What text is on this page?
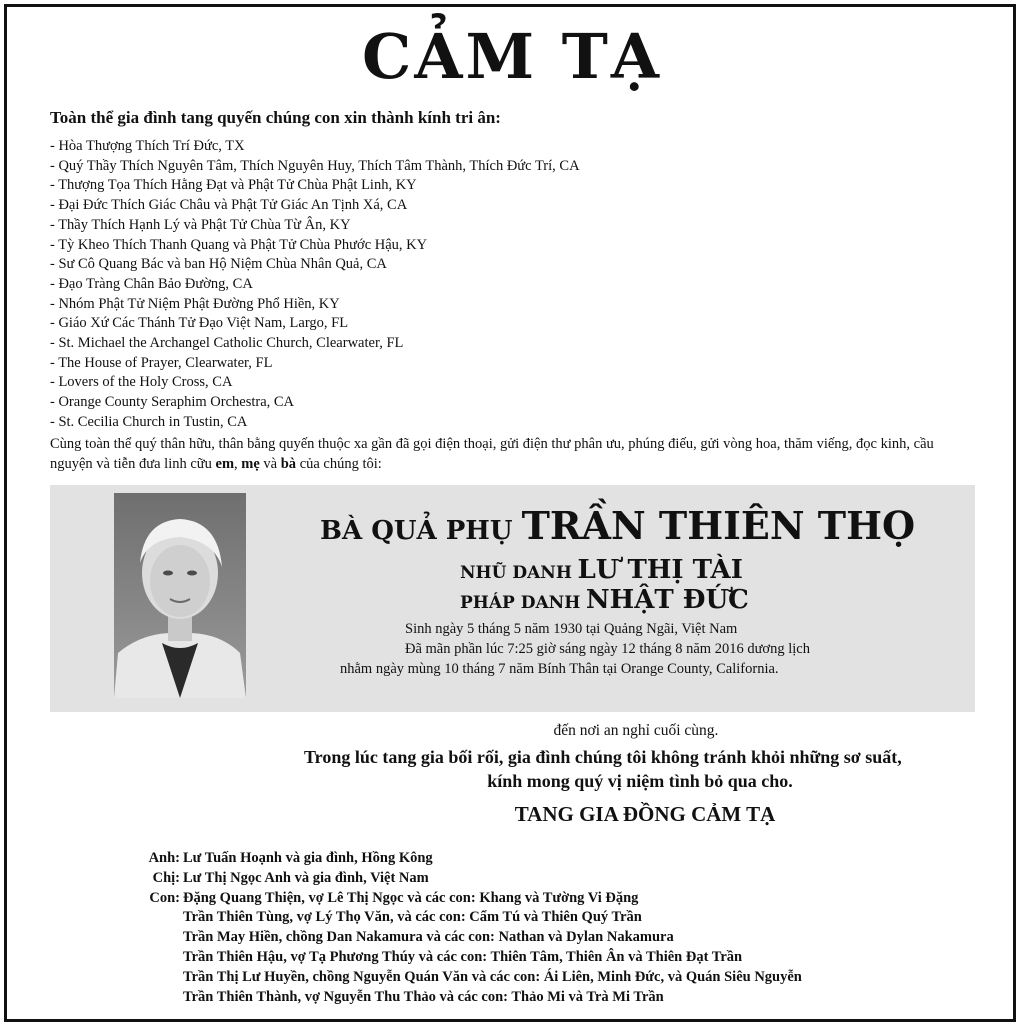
CẢM TẠ
Toàn thể gia đình tang quyến chúng con xin thành kính tri ân:
- Hòa Thượng Thích Trí Đức, TX
- Quý Thầy Thích Nguyên Tâm, Thích Nguyên Huy, Thích Tâm Thành, Thích Đức Trí, CA
- Thượng Tọa Thích Hằng Đạt và Phật Tử Chùa Phật Linh, KY
- Đại Đức Thích Giác Châu và Phật Tử Giác An Tịnh Xá, CA
- Thầy Thích Hạnh Lý và Phật Tử Chùa Từ Ân, KY
- Tỳ Kheo Thích Thanh Quang và Phật Tử Chùa Phước Hậu, KY
- Sư Cô Quang Bác và ban Hộ Niệm Chùa Nhân Quả, CA
- Đạo Tràng Chân Bảo Đường, CA
- Nhóm Phật Tử Niệm Phật Đường Phổ Hiền, KY
- Giáo Xứ Các Thánh Tử Đạo Việt Nam, Largo, FL
- St. Michael the Archangel Catholic Church, Clearwater, FL
- The House of Prayer, Clearwater, FL
- Lovers of the Holy Cross, CA
- Orange County Seraphim Orchestra, CA
- St. Cecilia Church in Tustin, CA
Cùng toàn thể quý thân hữu, thân bằng quyến thuộc xa gần đã gọi điện thoại, gửi điện thư phân ưu, phúng điếu, gửi vòng hoa, thăm viếng, đọc kinh, cầu nguyện và tiễn đưa linh cữu em, mẹ và bà của chúng tôi:
BÀ QUẢ PHỤ TRẦN THIÊN THỌ
NHŨ DANH LƯ THỊ TÀI
PHÁP DANH NHẬT ĐỨC
Sinh ngày 5 tháng 5 năm 1930 tại Quảng Ngãi, Việt Nam
Đã mãn phần lúc 7:25 giờ sáng ngày 12 tháng 8 năm 2016 dương lịch
nhằm ngày mùng 10 tháng 7 năm Bính Thân tại Orange County, California.
đến nơi an nghỉ cuối cùng.
Trong lúc tang gia bối rối, gia đình chúng tôi không tránh khỏi những sơ suất,
kính mong quý vị niệm tình bỏ qua cho.
TANG GIA ĐỒNG CẢM TẠ
Anh: Lư Tuấn Hoạnh và gia đình, Hồng Kông
Chị: Lư Thị Ngọc Anh và gia đình, Việt Nam
Con: Đặng Quang Thiện, vợ Lê Thị Ngọc và các con: Khang và Tường Vi Đặng
Trần Thiên Tùng, vợ Lý Thọ Văn, và các con: Cẩm Tú và Thiên Quý Trần
Trần May Hiền, chồng Dan Nakamura và các con: Nathan và Dylan Nakamura
Trần Thiên Hậu, vợ Tạ Phương Thúy và các con: Thiên Tâm, Thiên Ân và Thiên Đạt Trần
Trần Thị Lư Huyền, chồng Nguyễn Quán Văn và các con: Ái Liên, Minh Đức, và Quán Siêu Nguyễn
Trần Thiên Thành, vợ Nguyễn Thu Thảo và các con: Thảo Mi và Trà Mi Trần
